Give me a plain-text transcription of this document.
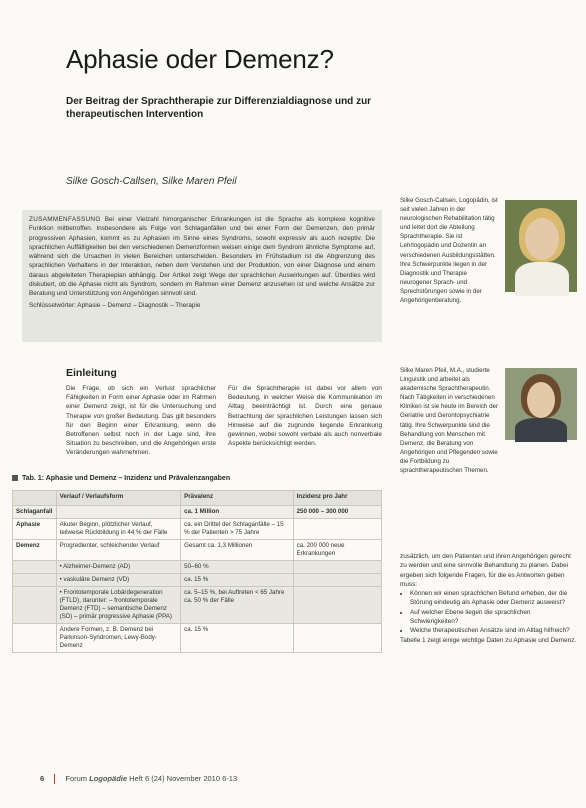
Aphasie oder Demenz?
Der Beitrag der Sprachtherapie zur Differenzialdiagnose und zur therapeutischen Intervention
Silke Gosch-Callsen, Silke Maren Pfeil
ZUSAMMENFASSUNG Bei einer Vielzahl hirnorganischer Erkrankungen ist die Sprache als komplexe kognitive Funktion mitbetroffen. Insbesondere als Folge von Schlaganfällen und bei einer Form der Demenzen, den primär progressiven Aphasien, kommt es zu Aphasien im Sinne eines Syndroms, sowohl expressiv als auch rezeptiv. Die sprachlichen Auffälligkeiten bei den verschiedenen Demenzformen weisen einige dem Syndrom ähnliche Symptome auf, während sich die Ursachen in vielen Bereichen unterscheiden. Besonders im Frühstadium ist die Abgrenzung des sprachlichen Verhaltens in der Interaktion, neben dem Verstehen und der Produktion, von einer Diagnose und einem daraus abgeleiteten Therapieplan abhängig. Der Artikel zeigt Wege der sprachlichen Auswirkungen auf. Überdies wird diskutiert, ob die Aphasie nicht als Syndrom, sondern im Rahmen einer Demenz anzusehen ist und welche Ansätze zur Beratung und Unterstützung von Angehörigen sinnvoll sind.
Schlüsselwörter: Aphasie – Demenz – Diagnostik – Therapie
Silke Gosch-Callsen, Logopädin, ist seit vielen Jahren in der neurologischen Rehabilitation tätig und leitet dort die Abteilung Sprachtherapie. Sie ist Lehrlogopädin und Dozentin an verschiedenen Ausbildungsstätten. Ihre Schwerpunkte liegen in der Diagnostik und Therapie neurogener Sprach- und Sprechstörungen sowie in der Angehörigenberatung.
Silke Maren Pfeil, M.A., studierte Linguistik und arbeitet als akademische Sprachtherapeutin. Nach Tätigkeiten in verschiedenen Kliniken ist sie heute im Bereich der Geriatrie und Gerontopsychiatrie tätig. Ihre Schwerpunkte sind die Behandlung von Menschen mit Demenz, die Beratung von Angehörigen und Pflegenden sowie die Fortbildung zu sprachtherapeutischen Themen.
Einleitung
Die Frage, ob sich ein Verlust sprachlicher Fähigkeiten in Form einer Aphasie oder im Rahmen einer Demenz zeigt, ist für die Untersuchung und Therapie von großer Bedeutung. Das gilt besonders für den Beginn einer Erkrankung, wenn die Betroffenen selbst noch in der Lage sind, ihre Situation zu beschreiben, und die Angehörigen erste Veränderungen wahrnehmen.
Für die Sprachtherapie ist dabei vor allem von Bedeutung, in welcher Weise die Kommunikation im Alltag beeinträchtigt ist. Durch eine genaue Betrachtung der sprachlichen Leistungen lassen sich Hinweise auf die zugrunde liegende Erkrankung gewinnen, wobei sowohl verbale als auch nonverbale Aspekte berücksichtigt werden.
Tab. 1: Aphasie und Demenz – Inzidenz und Prävalenzangaben
	Verlauf / Verlaufsform	Prävalenz	Inzidenz pro Jahr
Schlaganfall		ca. 1 Million	250 000 – 300 000
Aphasie	Akuter Beginn, plötzlicher Verlauf, teilweise Rückbildung in 44 % der Fälle	ca. ein Drittel der Schlaganfälle – 15 % der Patienten > 75 Jahre	
Demenz	Progredienter, schleichender Verlauf	Gesamt ca. 1,3 Millionen	ca. 200 000 neue Erkrankungen
	• Alzheimer-Demenz (AD)	50–60 %	
	• vaskuläre Demenz (VD)	ca. 15 %	
	• Frontotemporale Lobärdegeneration (FTLD), darunter: – frontotemporale Demenz (FTD) – semantische Demenz (SD) – primär progressive Aphasie (PPA)	ca. 5–15 %, bei Auftreten < 65 Jahre ca. 50 % der Fälle	
	Andere Formen, z. B. Demenz bei Parkinson-Syndromen, Lewy-Body-Demenz	ca. 15 %	
zusätzlich, um den Patienten und ihren Angehörigen gerecht zu werden und eine sinnvolle Behandlung zu planen. Dabei ergeben sich folgende Fragen, für die es Antworten geben muss:
• Können wir einen sprachlichen Befund erheben, der die Störung eindeutig als Aphasie oder Demenz ausweist?
• Auf welcher Ebene liegen die sprachlichen Schwierigkeiten?
• Welche therapeutischen Ansätze sind im Alltag hilfreich?
Tabelle 1 zeigt einige wichtige Daten zu Aphasie und Demenz.
6	Forum Logopädie Heft 6 (24) November 2010 6-13
